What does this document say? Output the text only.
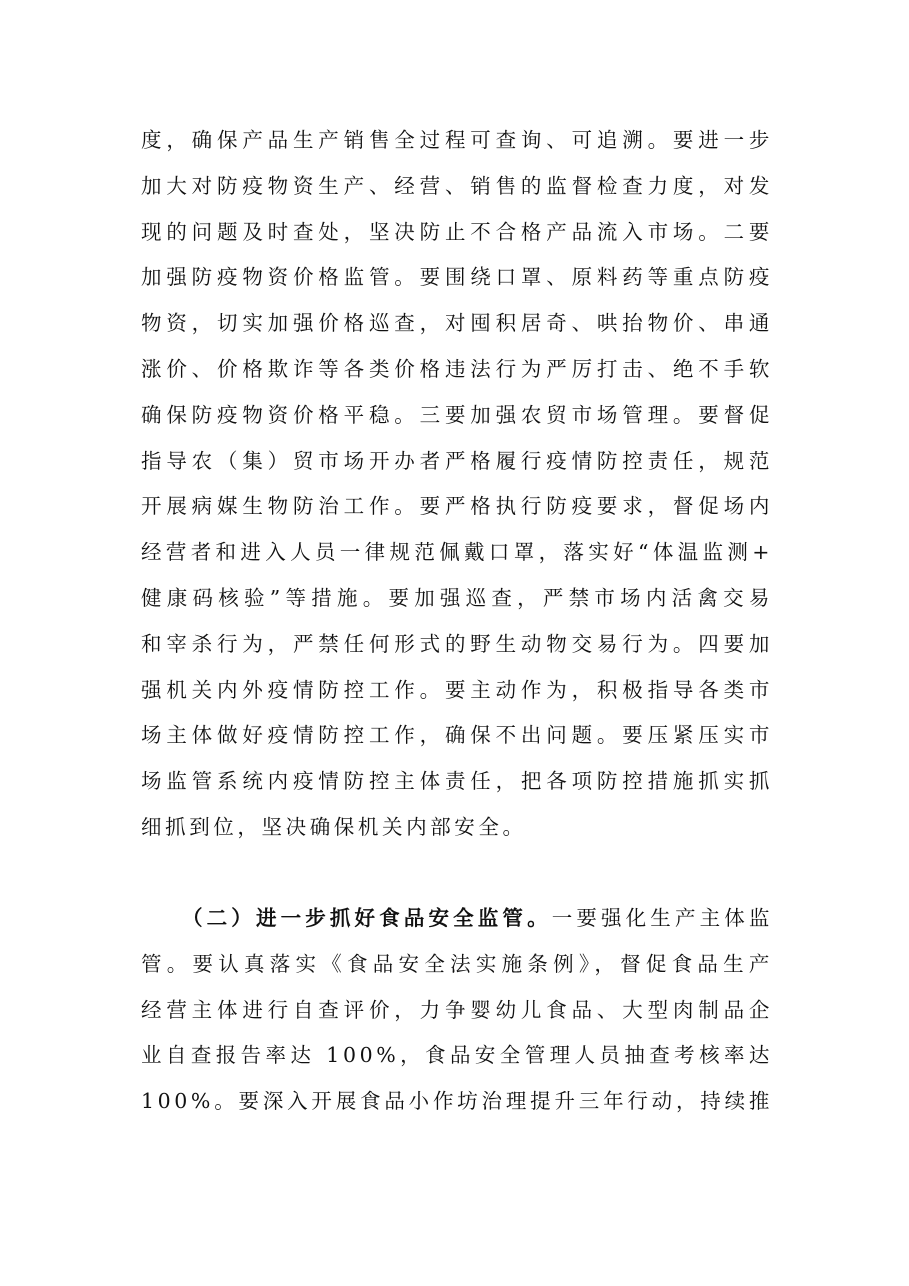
度，确保产品生产销售全过程可查询、可追溯。要进一步
加大对防疫物资生产、经营、销售的监督检查力度，对发
现的问题及时查处，坚决防止不合格产品流入市场。二要
加强防疫物资价格监管。要围绕口罩、原料药等重点防疫
物资，切实加强价格巡查，对囤积居奇、哄抬物价、串通
涨价、价格欺诈等各类价格违法行为严厉打击、绝不手软
确保防疫物资价格平稳。三要加强农贸市场管理。要督促
指导农（集）贸市场开办者严格履行疫情防控责任，规范
开展病媒生物防治工作。要严格执行防疫要求，督促场内
经营者和进入人员一律规范佩戴口罩，落实好“体温监测+
健康码核验”等措施。要加强巡查，严禁市场内活禽交易
和宰杀行为，严禁任何形式的野生动物交易行为。四要加
强机关内外疫情防控工作。要主动作为，积极指导各类市
场主体做好疫情防控工作，确保不出问题。要压紧压实市
场监管系统内疫情防控主体责任，把各项防控措施抓实抓
细抓到位，坚决确保机关内部安全。
（二）进一步抓好食品安全监管。一要强化生产主体监
管。要认真落实《食品安全法实施条例》，督促食品生产
经营主体进行自查评价，力争婴幼儿食品、大型肉制品企
业自查报告率达 100%，食品安全管理人员抽查考核率达
100%。要深入开展食品小作坊治理提升三年行动，持续推
